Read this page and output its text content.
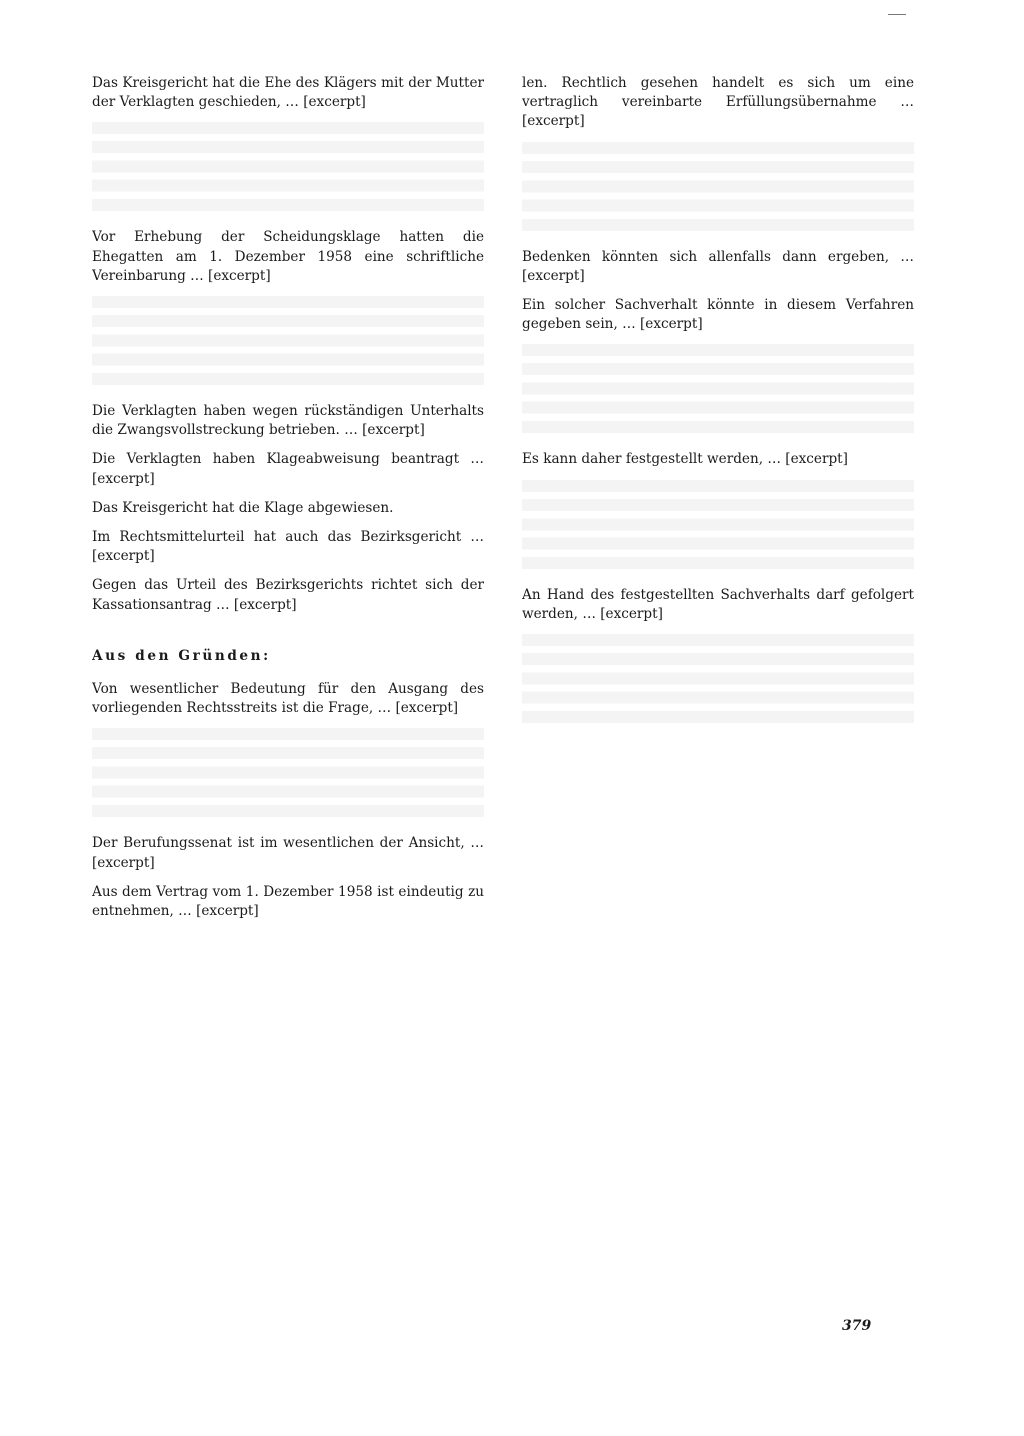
Das Kreisgericht hat die Ehe des Klägers mit der Mutter der Verklagten geschieden, … [excerpt]

Vor Erhebung der Scheidungsklage hatten die Ehegatten am 1. Dezember 1958 eine schriftliche Vereinbarung … [excerpt]

Die Verklagten haben wegen rückständigen Unterhalts die Zwangsvollstreckung betrieben. … [excerpt]

Die Verklagten haben Klageabweisung beantragt … [excerpt]

Das Kreisgericht hat die Klage abgewiesen.

Im Rechtsmittelurteil hat auch das Bezirksgericht … [excerpt]

Gegen das Urteil des Bezirksgerichts richtet sich der Kassationsantrag … [excerpt]

Aus den Gründen:

Von wesentlicher Bedeutung für den Ausgang des vorliegenden Rechtsstreits ist die Frage, … [excerpt]

Der Berufungssenat ist im wesentlichen der Ansicht, … [excerpt]

Aus dem Vertrag vom 1. Dezember 1958 ist eindeutig zu entnehmen, … [excerpt]

len. Rechtlich gesehen handelt es sich um eine vertraglich vereinbarte Erfüllungsübernahme … [excerpt]

Bedenken könnten sich allenfalls dann ergeben, … [excerpt]

Ein solcher Sachverhalt könnte in diesem Verfahren gegeben sein, … [excerpt]

Es kann daher festgestellt werden, … [excerpt]

An Hand des festgestellten Sachverhalts darf gefolgert werden, … [excerpt]

379
